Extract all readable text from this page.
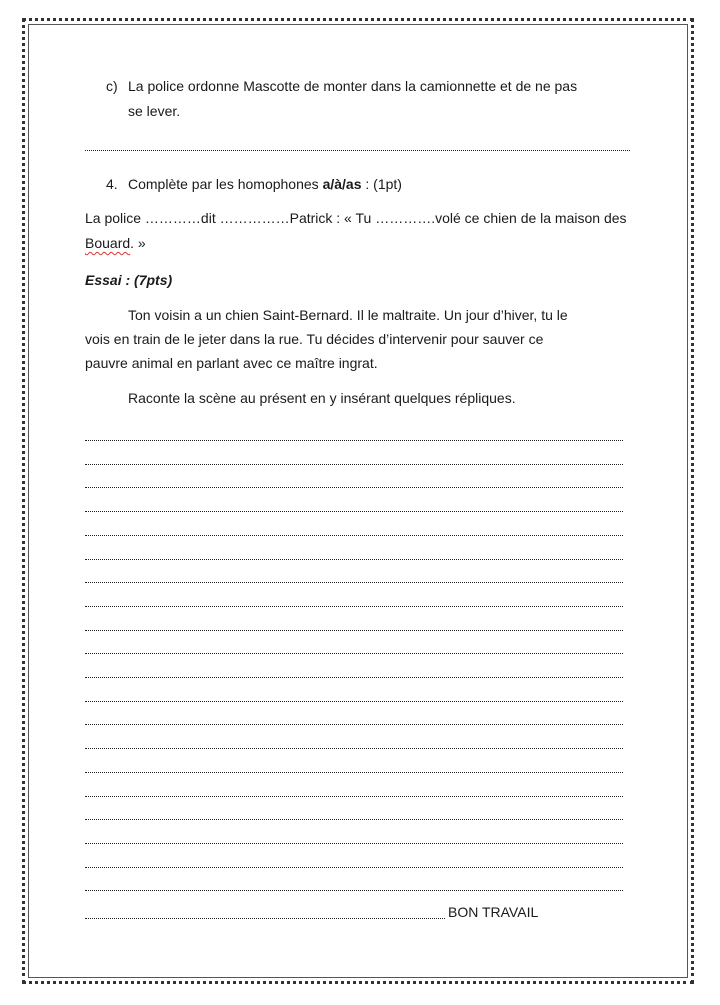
c) La police ordonne Mascotte de monter dans la camionnette et de ne pas
se lever.
4. Complète par les homophones a/à/as : (1pt)
La police …………dit ……………Patrick : « Tu ………….volé ce chien de la maison des
Bouard. »
Essai : (7pts)
Ton voisin a un chien Saint-Bernard. Il le maltraite. Un jour d’hiver, tu le
vois en train de le jeter dans la rue. Tu décides d’intervenir pour sauver ce
pauvre animal en parlant avec ce maître ingrat.
Raconte la scène au présent en y insérant quelques répliques.
BON TRAVAIL
